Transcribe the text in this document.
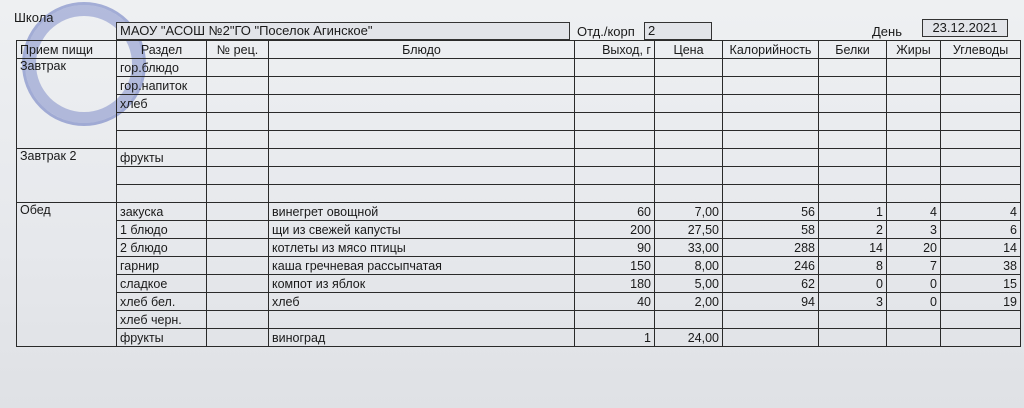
Школа
МАОУ "АСОШ №2"ГО "Поселок Агинское"	Отд./корп	2	День	23.12.2021
Прием пищи	Раздел	№ рец.	Блюдо	Выход, г	Цена	Калорийность	Белки	Жиры	Углеводы
Завтрак	гор.блюдо								
	гор.напиток								
	хлеб								

Завтрак 2	фрукты								

Обед	закуска		винегрет овощной	60	7,00	56	1	4	4
	1 блюдо		щи из свежей капусты	200	27,50	58	2	3	6
	2 блюдо		котлеты из мясо птицы	90	33,00	288	14	20	14
	гарнир		каша гречневая рассыпчатая	150	8,00	246	8	7	38
	сладкое		компот из яблок	180	5,00	62	0	0	15
	хлеб бел.		хлеб	40	2,00	94	3	0	19
	хлеб черн.								
	фрукты		виноград	1	24,00				
